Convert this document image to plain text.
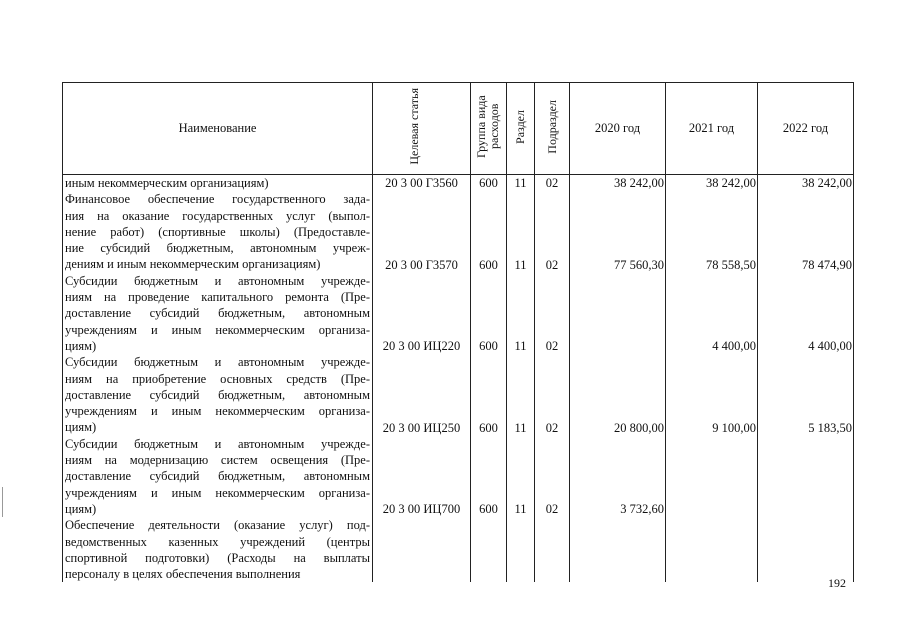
Наименование	Целевая статья	Группа вида расходов	Раздел	Подраздел	2020 год	2021 год	2022 год
иным некоммерческим организациям)	20 3 00 Г3560	600	11	02	38 242,00	38 242,00	38 242,00
Финансовое обеспечение государственного зада-							
ния на оказание государственных услуг (выпол-							
нение работ) (спортивные школы) (Предоставле-							
ние субсидий бюджетным, автономным учреж-							
дениям и иным некоммерческим организациям)	20 3 00 Г3570	600	11	02	77 560,30	78 558,50	78 474,90
Субсидии бюджетным и автономным учрежде-							
ниям на проведение капитального ремонта (Пре-							
доставление субсидий бюджетным, автономным							
учреждениям и иным некоммерческим организа-							
циям)	20 3 00 ИЦ220	600	11	02		4 400,00	4 400,00
Субсидии бюджетным и автономным учрежде-							
ниям на приобретение основных средств (Пре-							
доставление субсидий бюджетным, автономным							
учреждениям и иным некоммерческим организа-							
циям)	20 3 00 ИЦ250	600	11	02	20 800,00	9 100,00	5 183,50
Субсидии бюджетным и автономным учрежде-							
ниям на модернизацию систем освещения (Пре-							
доставление субсидий бюджетным, автономным							
учреждениям и иным некоммерческим организа-							
циям)	20 3 00 ИЦ700	600	11	02	3 732,60		
Обеспечение деятельности (оказание услуг) под-							
ведомственных казенных учреждений (центры							
спортивной подготовки) (Расходы на выплаты							
персоналу в целях обеспечения выполнения							
192
